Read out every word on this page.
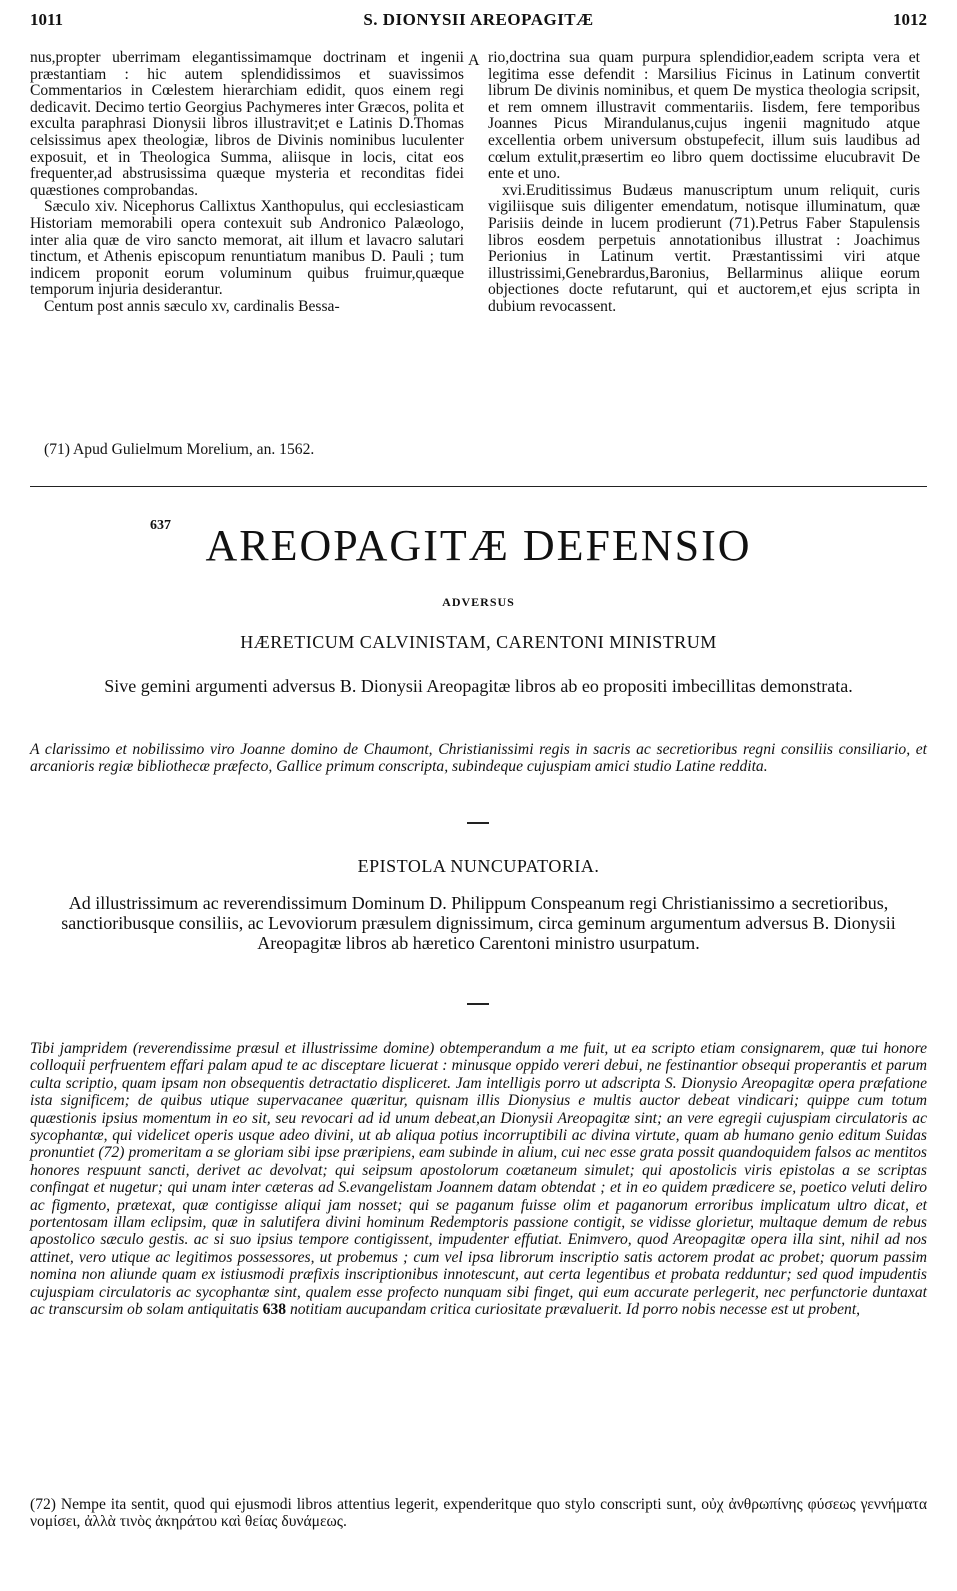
1011	S. DIONYSII AREOPAGITÆ	1012

nus,propter uberrimam elegantissimamque doctrinam et ingenii præstantiam : hic autem splendidissimos et suavissimos Commentarios in Cœlestem hierarchiam edidit, quos einem regi dedicavit. Decimo tertio Georgius Pachymeres inter Græcos, polita et exculta paraphrasi Dionysii libros illustravit;et e Latinis D.Thomas celsissimus apex theologiæ, libros de Divinis nominibus luculenter exposuit, et in Theologica Summa, aliisque in locis, citat eos frequenter,ad abstrusissima quæque mysteria et reconditas fidei quæstiones comprobandas.

Sæculo xiv. Nicephorus Callixtus Xanthopulus, qui ecclesiasticam Historiam memorabili opera contexuit sub Andronico Palæologo, inter alia quæ de viro sancto memorat, ait illum et lavacro salutari tinctum, et Athenis episcopum renuntiatum manibus D. Pauli ; tum indicem proponit eorum voluminum quibus fruimur,quæque temporum injuria desiderantur.

Centum post annis sæculo xv, cardinalis Bessa-

A rio,doctrina sua quam purpura splendidior,eadem scripta vera et legitima esse defendit : Marsilius Ficinus in Latinum convertit librum De divinis nominibus, et quem De mystica theologia scripsit, et rem omnem illustravit commentariis. Iisdem, fere temporibus Joannes Picus Mirandulanus,cujus ingenii magnitudo atque excellentia orbem universum obstupefecit, illum suis laudibus ad cœlum extulit,præsertim eo libro quem doctissime elucubravit De ente et uno.

xvi.Eruditissimus Budæus manuscriptum unum reliquit, curis vigiliisque suis diligenter emendatum, notisque illuminatum, quæ Parisiis deinde in lucem prodierunt (71).Petrus Faber Stapulensis libros eosdem perpetuis annotationibus illustrat : Joachimus Perionius in Latinum vertit. Præstantissimi viri atque illustrissimi,Genebrardus,Baronius, Bellarminus aliique eorum objectiones docte refutarunt, qui et auctorem,et ejus scripta in dubium revocassent.

(71) Apud Gulielmum Morelium, an. 1562.
637 AREOPAGITÆ DEFENSIO
ADVERSUS
HÆRETICUM CALVINISTAM, CARENTONI MINISTRUM
Sive gemini argumenti adversus B. Dionysii Areopagitæ libros ab eo propositi imbecillitas demonstrata.
A clarissimo et nobilissimo viro Joanne domino de Chaumont, Christianissimi regis in sacris ac secretioribus regni consiliis consiliario, et arcanioris regiæ bibliothecæ præfecto, Gallice primum conscripta, subindeque cujuspiam amici studio Latine reddita.
EPISTOLA NUNCUPATORIA.
Ad illustrissimum ac reverendissimum Dominum D. Philippum Conspeanum regi Christianissimo a secretioribus, sanctioribusque consiliis, ac Levoviorum præsulem dignissimum, circa geminum argumentum adversus B. Dionysii Areopagitæ libros ab hæretico Carentoni ministro usurpatum.
Tibi jampridem (reverendissime præsul et illustrissime domine) obtemperandum a me fuit, ut ea scripto etiam consignarem, quæ tui honore colloquii perfruentem effari palam apud te ac disceptare licuerat : minusque oppido vereri debui, ne festinantior obsequi properantis et parum culta scriptio, quam ipsam non obsequentis detractatio displiceret. Jam intelligis porro ut adscripta S. Dionysio Areopagitæ opera præfatione ista significem; de quibus utique supervacanee quæritur, quisnam illis Dionysius e multis auctor debeat vindicari; quippe cum totum quæstionis ipsius momentum in eo sit, seu revocari ad id unum debeat,an Dionysii Areopagitæ sint; an vere egregii cujuspiam circulatoris ac sycophantæ, qui videlicet operis usque adeo divini, ut ab aliqua potius incorruptibili ac divina virtute, quam ab humano genio editum Suidas pronuntiet (72) promeritam a se gloriam sibi ipse præripiens, eam subinde in alium, cui nec esse grata possit quandoquidem falsos ac mentitos honores respuunt sancti, derivet ac devolvat; qui seipsum apostolorum coætaneum simulet; qui apostolicis viris epistolas a se scriptas confingat et nugetur; qui unam inter cæteras ad S.evangelistam Joannem datam obtendat ; et in eo quidem prædicere se, poetico veluti deliro ac figmento, prætexat, quæ contigisse aliqui jam nosset; qui se paganum fuisse olim et paganorum erroribus implicatum ultro dicat, et portentosam illam eclipsim, quæ in salutifera divini hominum Redemptoris passione contigit, se vidisse glorietur, multaque demum de rebus apostolico sæculo gestis. ac si suo ipsius tempore contigissent, impudenter effutiat. Enimvero, quod Areopagitæ opera illa sint, nihil ad nos attinet, vero utique ac legitimos possessores, ut probemus ; cum vel ipsa librorum inscriptio satis actorem prodat ac probet; quorum passim nomina non aliunde quam ex istiusmodi præfixis inscriptionibus innotescunt, aut certa legentibus et probata redduntur; sed quod impudentis cujuspiam circulatoris ac sycophantæ sint, qualem esse profecto nunquam sibi finget, qui eum accurate perlegerit, nec perfunctorie duntaxat ac transcursim ob solam antiquitatis 638 notitiam aucupandam critica curiositate prævaluerit. Id porro nobis necesse est ut probent,
(72) Nempe ita sentit, quod qui ejusmodi libros attentius legerit, expenderitque quo stylo conscripti sunt, οὐχ ἀνθρωπίνης φύσεως γεννήματα νομίσει, ἀλλὰ τινὸς ἀκηράτου καὶ θείας δυνάμεως.
